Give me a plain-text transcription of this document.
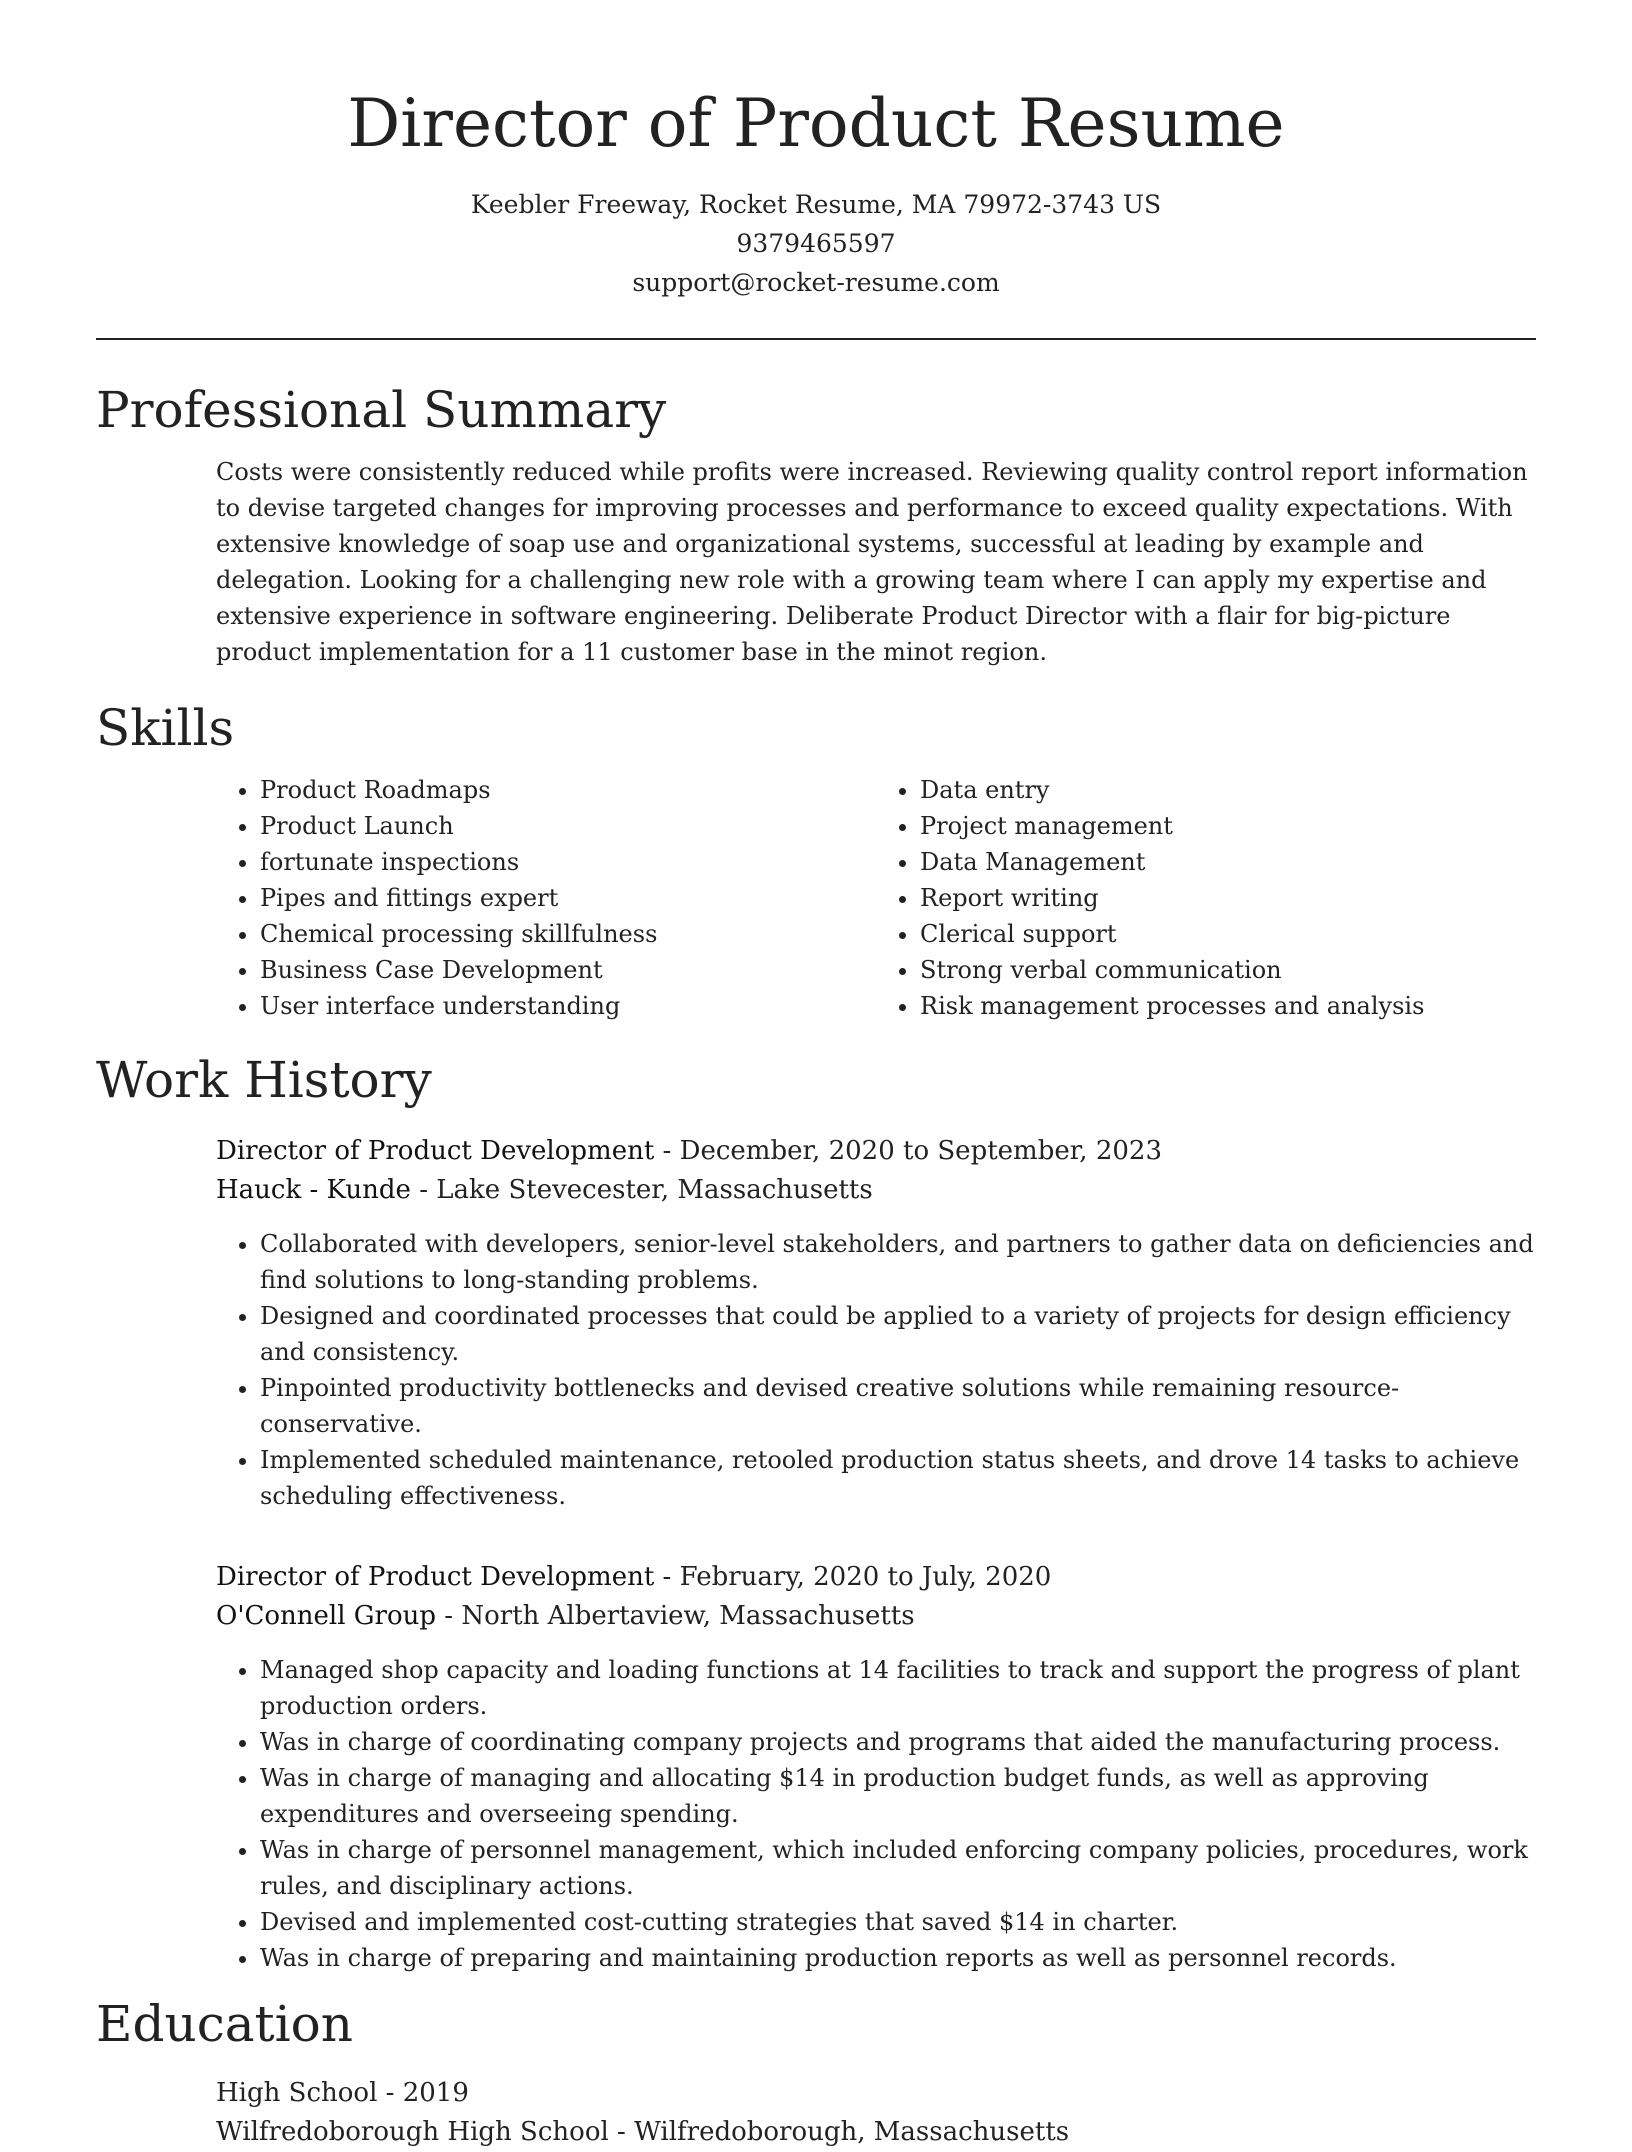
Director of Product Resume
Keebler Freeway, Rocket Resume, MA 79972-3743 US
9379465597
support@rocket-resume.com
Professional Summary

Costs were consistently reduced while profits were increased. Reviewing quality control report information to devise targeted changes for improving processes and performance to exceed quality expectations. With extensive knowledge of soap use and organizational systems, successful at leading by example and delegation. Looking for a challenging new role with a growing team where I can apply my expertise and extensive experience in software engineering. Deliberate Product Director with a flair for big-picture product implementation for a 11 customer base in the minot region.

Skills
• Product Roadmaps
• Product Launch
• fortunate inspections
• Pipes and fittings expert
• Chemical processing skillfulness
• Business Case Development
• User interface understanding
• Data entry
• Project management
• Data Management
• Report writing
• Clerical support
• Strong verbal communication
• Risk management processes and analysis
Work History
Director of Product Development - December, 2020 to September, 2023
Hauck - Kunde - Lake Stevecester, Massachusetts
• Collaborated with developers, senior-level stakeholders, and partners to gather data on deficiencies and find solutions to long-standing problems.
• Designed and coordinated processes that could be applied to a variety of projects for design efficiency and consistency.
• Pinpointed productivity bottlenecks and devised creative solutions while remaining resource-conservative.
• Implemented scheduled maintenance, retooled production status sheets, and drove 14 tasks to achieve scheduling effectiveness.
Director of Product Development - February, 2020 to July, 2020
O'Connell Group - North Albertaview, Massachusetts
• Managed shop capacity and loading functions at 14 facilities to track and support the progress of plant production orders.
• Was in charge of coordinating company projects and programs that aided the manufacturing process.
• Was in charge of managing and allocating $14 in production budget funds, as well as approving expenditures and overseeing spending.
• Was in charge of personnel management, which included enforcing company policies, procedures, work rules, and disciplinary actions.
• Devised and implemented cost-cutting strategies that saved $14 in charter.
• Was in charge of preparing and maintaining production reports as well as personnel records.
Education
High School - 2019
Wilfredoborough High School - Wilfredoborough, Massachusetts
